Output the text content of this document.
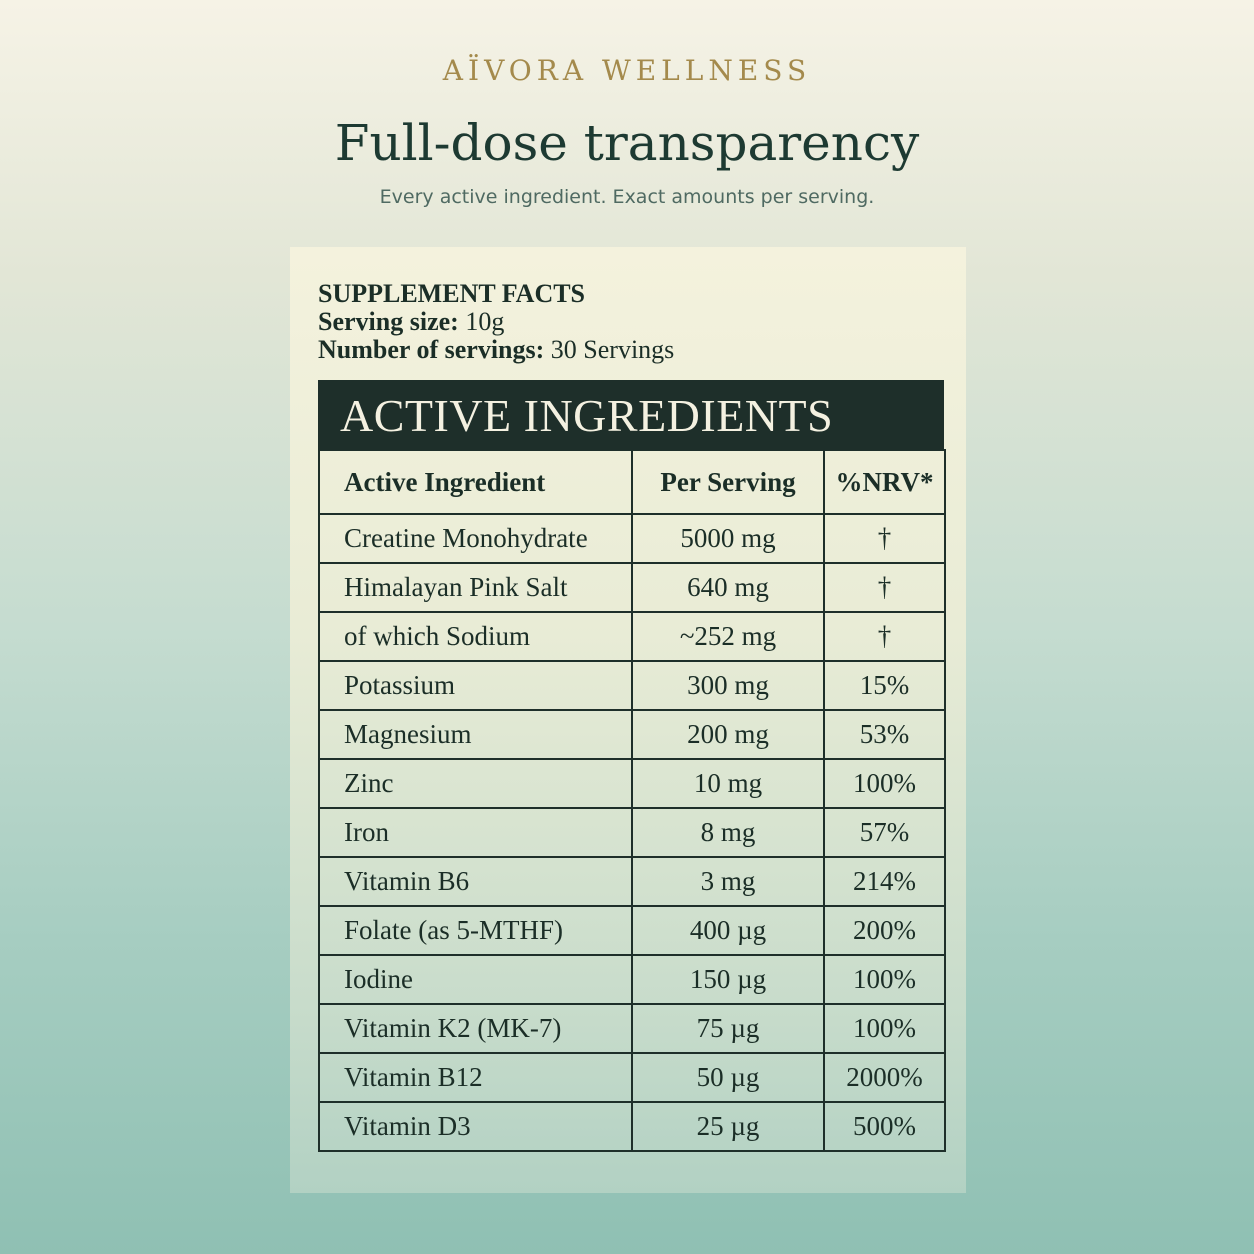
AÏVORA WELLNESS
Full-dose transparency
Every active ingredient. Exact amounts per serving.
SUPPLEMENT FACTS
Serving size: 10g
Number of servings: 30 Servings
ACTIVE INGREDIENTS
Active Ingredient	Per Serving	%NRV*
Creatine Monohydrate	5000 mg	†
Himalayan Pink Salt	640 mg	†
of which Sodium	~252 mg	†
Potassium	300 mg	15%
Magnesium	200 mg	53%
Zinc	10 mg	100%
Iron	8 mg	57%
Vitamin B6	3 mg	214%
Folate (as 5-MTHF)	400 µg	200%
Iodine	150 µg	100%
Vitamin K2 (MK-7)	75 µg	100%
Vitamin B12	50 µg	2000%
Vitamin D3	25 µg	500%
